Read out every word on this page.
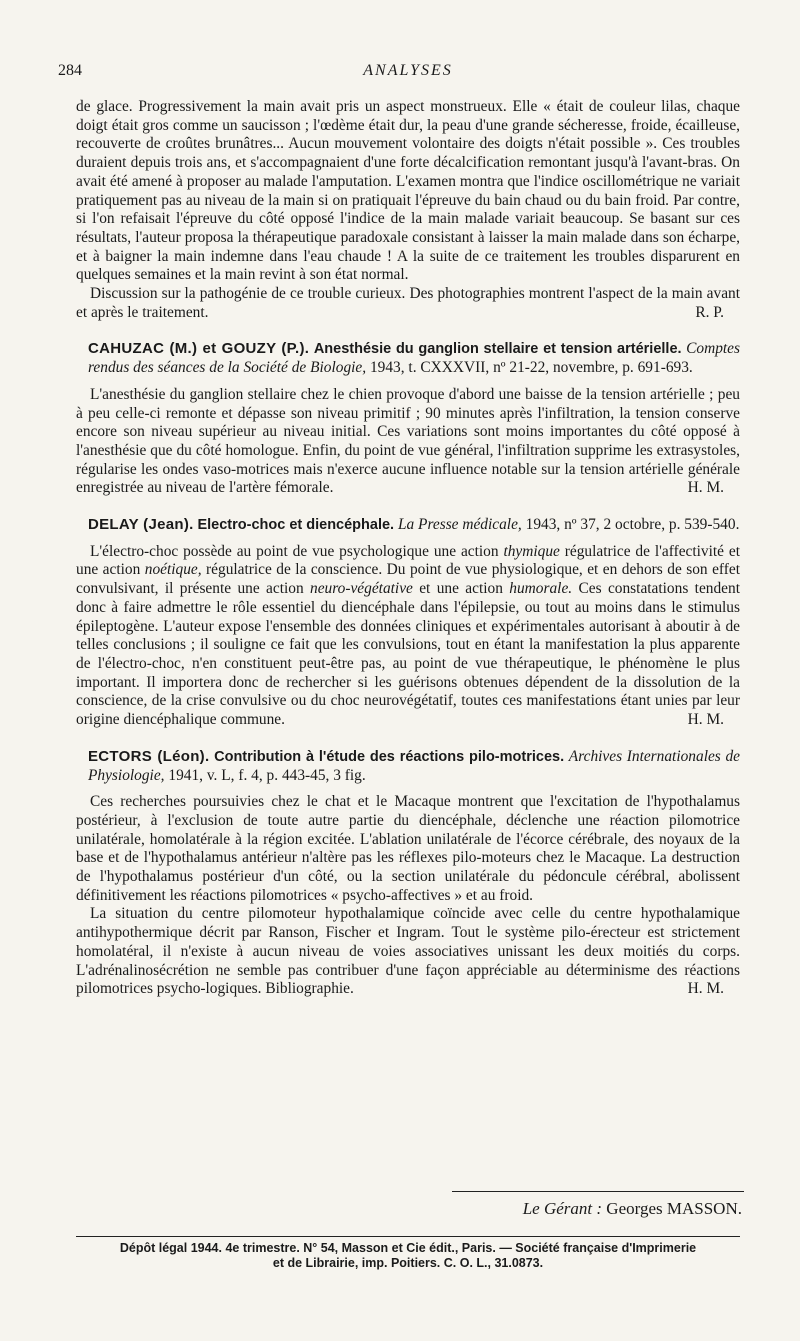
284	ANALYSES

de glace. Progressivement la main avait pris un aspect monstrueux. Elle « était de couleur lilas, chaque doigt était gros comme un saucisson ; l'œdème était dur, la peau d'une grande sécheresse, froide, écailleuse, recouverte de croûtes brunâtres... Aucun mouvement volontaire des doigts n'était possible ». Ces troubles duraient depuis trois ans, et s'accompagnaient d'une forte décalcification remontant jusqu'à l'avant-bras. On avait été amené à proposer au malade l'amputation. L'examen montra que l'indice oscillométrique ne variait pratiquement pas au niveau de la main si on pratiquait l'épreuve du bain chaud ou du bain froid. Par contre, si l'on refaisait l'épreuve du côté opposé l'indice de la main malade variait beaucoup. Se basant sur ces résultats, l'auteur proposa la thérapeutique paradoxale consistant à laisser la main malade dans son écharpe, et à baigner la main indemne dans l'eau chaude ! A la suite de ce traitement les troubles disparurent en quelques semaines et la main revint à son état normal.

Discussion sur la pathogénie de ce trouble curieux. Des photographies montrent l'aspect de la main avant et après le traitement.	R. P.

CAHUZAC (M.) et GOUZY (P.). Anesthésie du ganglion stellaire et tension artérielle. Comptes rendus des séances de la Société de Biologie, 1943, t. CXXXVII, nº 21-22, novembre, p. 691-693.

L'anesthésie du ganglion stellaire chez le chien provoque d'abord une baisse de la tension artérielle ; peu à peu celle-ci remonte et dépasse son niveau primitif ; 90 minutes après l'infiltration, la tension conserve encore son niveau supérieur au niveau initial. Ces variations sont moins importantes du côté opposé à l'anesthésie que du côté homologue. Enfin, du point de vue général, l'infiltration supprime les extrasystoles, régularise les ondes vaso-motrices mais n'exerce aucune influence notable sur la tension artérielle générale enregistrée au niveau de l'artère fémorale.	H. M.

DELAY (Jean). Electro-choc et diencéphale. La Presse médicale, 1943, nº 37, 2 octobre, p. 539-540.

L'électro-choc possède au point de vue psychologique une action thymique régulatrice de l'affectivité et une action noétique, régulatrice de la conscience. Du point de vue physiologique, et en dehors de son effet convulsivant, il présente une action neuro-végétative et une action humorale. Ces constatations tendent donc à faire admettre le rôle essentiel du diencéphale dans l'épilepsie, ou tout au moins dans le stimulus épileptogène. L'auteur expose l'ensemble des données cliniques et expérimentales autorisant à aboutir à de telles conclusions ; il souligne ce fait que les convulsions, tout en étant la manifestation la plus apparente de l'électro-choc, n'en constituent peut-être pas, au point de vue thérapeutique, le phénomène le plus important. Il importera donc de rechercher si les guérisons obtenues dépendent de la dissolution de la conscience, de la crise convulsive ou du choc neurovégétatif, toutes ces manifestations étant unies par leur origine diencéphalique commune.	H. M.

ECTORS (Léon). Contribution à l'étude des réactions pilo-motrices. Archives Internationales de Physiologie, 1941, v. L, f. 4, p. 443-45, 3 fig.

Ces recherches poursuivies chez le chat et le Macaque montrent que l'excitation de l'hypothalamus postérieur, à l'exclusion de toute autre partie du diencéphale, déclenche une réaction pilomotrice unilatérale, homolatérale à la région excitée. L'ablation unilatérale de l'écorce cérébrale, des noyaux de la base et de l'hypothalamus antérieur n'altère pas les réflexes pilo-moteurs chez le Macaque. La destruction de l'hypothalamus postérieur d'un côté, ou la section unilatérale du pédoncule cérébral, abolissent définitivement les réactions pilomotrices « psycho-affectives » et au froid.

La situation du centre pilomoteur hypothalamique coïncide avec celle du centre hypothalamique antihypothermique décrit par Ranson, Fischer et Ingram. Tout le système pilo-érecteur est strictement homolatéral, il n'existe à aucun niveau de voies associatives unissant les deux moitiés du corps. L'adrénalinosécrétion ne semble pas contribuer d'une façon appréciable au déterminisme des réactions pilomotrices psycho-logiques. Bibliographie.	H. M.

Le Gérant : Georges MASSON.
Dépôt légal 1944. 4e trimestre. N° 54, Masson et Cie édit., Paris. — Société française d'Imprimerie
et de Librairie, imp. Poitiers. C. O. L., 31.0873.
